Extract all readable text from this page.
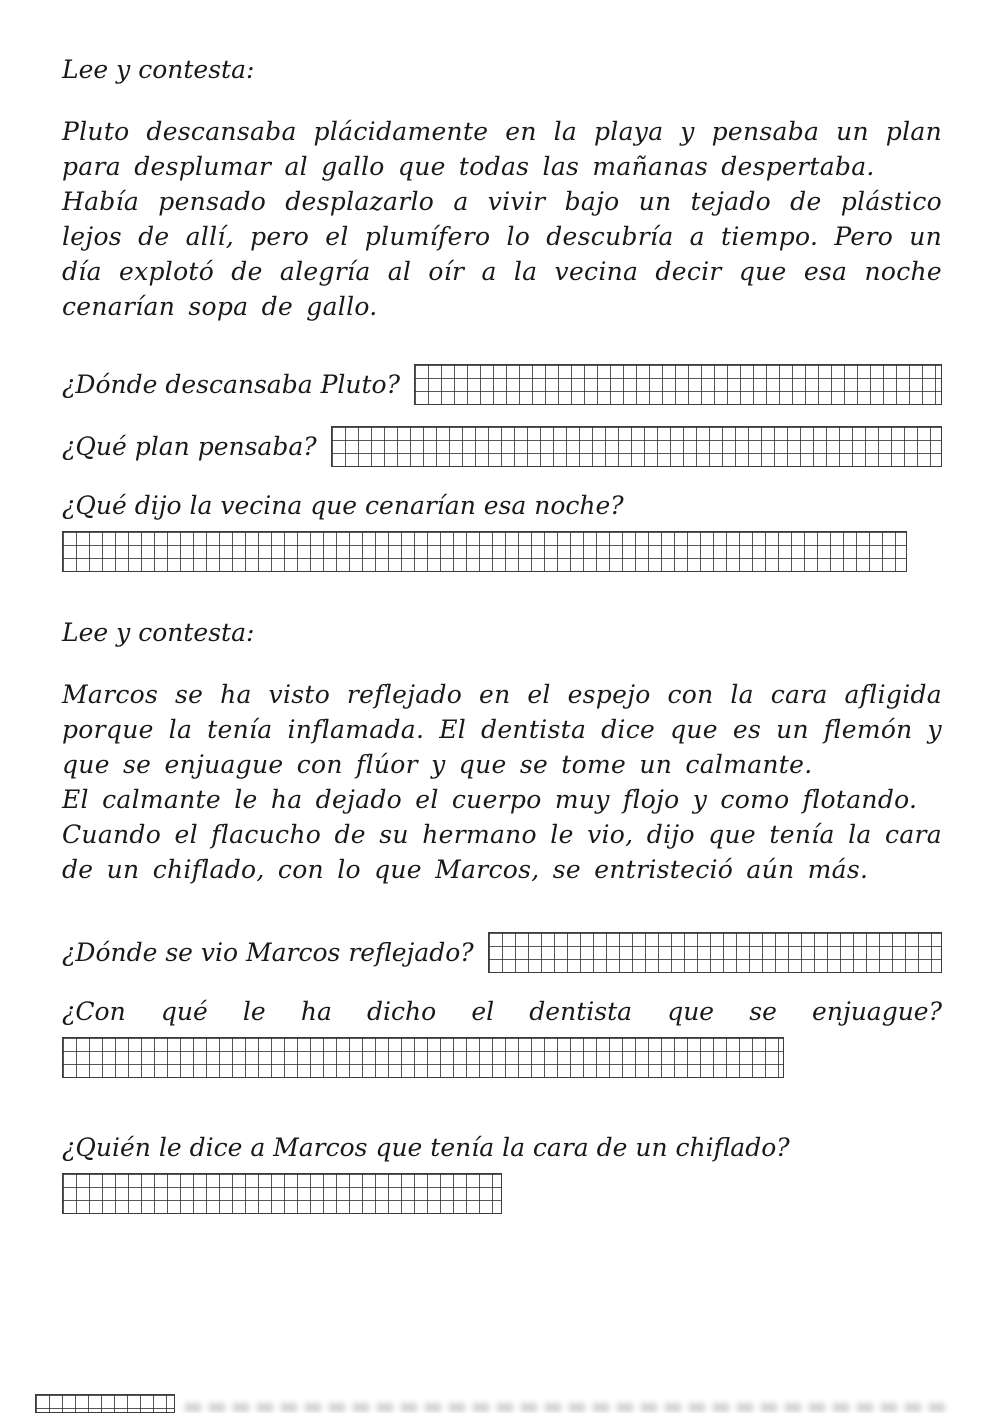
Lee y contesta:

Pluto descansaba plácidamente en la playa y pensaba un plan para desplumar al gallo que todas las mañanas despertaba.

Había pensado desplazarlo a vivir bajo un tejado de plástico lejos de allí, pero el plumífero lo descubría a tiempo. Pero un día explotó de alegría al oír a la vecina decir que esa noche cenarían sopa de gallo.

¿Dónde descansaba Pluto?
¿Qué plan pensaba?
¿Qué dijo la vecina que cenarían esa noche?
Lee y contesta:

Marcos se ha visto reflejado en el espejo con la cara afligida porque la tenía inflamada. El dentista dice que es un flemón y que se enjuague con flúor y que se tome un calmante.

El calmante le ha dejado el cuerpo muy flojo y como flotando.

Cuando el flacucho de su hermano le vio, dijo que tenía la cara de un chiflado, con lo que Marcos, se entristeció aún más.

¿Dónde se vio Marcos reflejado?
¿Con qué le ha dicho el dentista que se enjuague?
¿Quién le dice a Marcos que tenía la cara de un chiflado?
